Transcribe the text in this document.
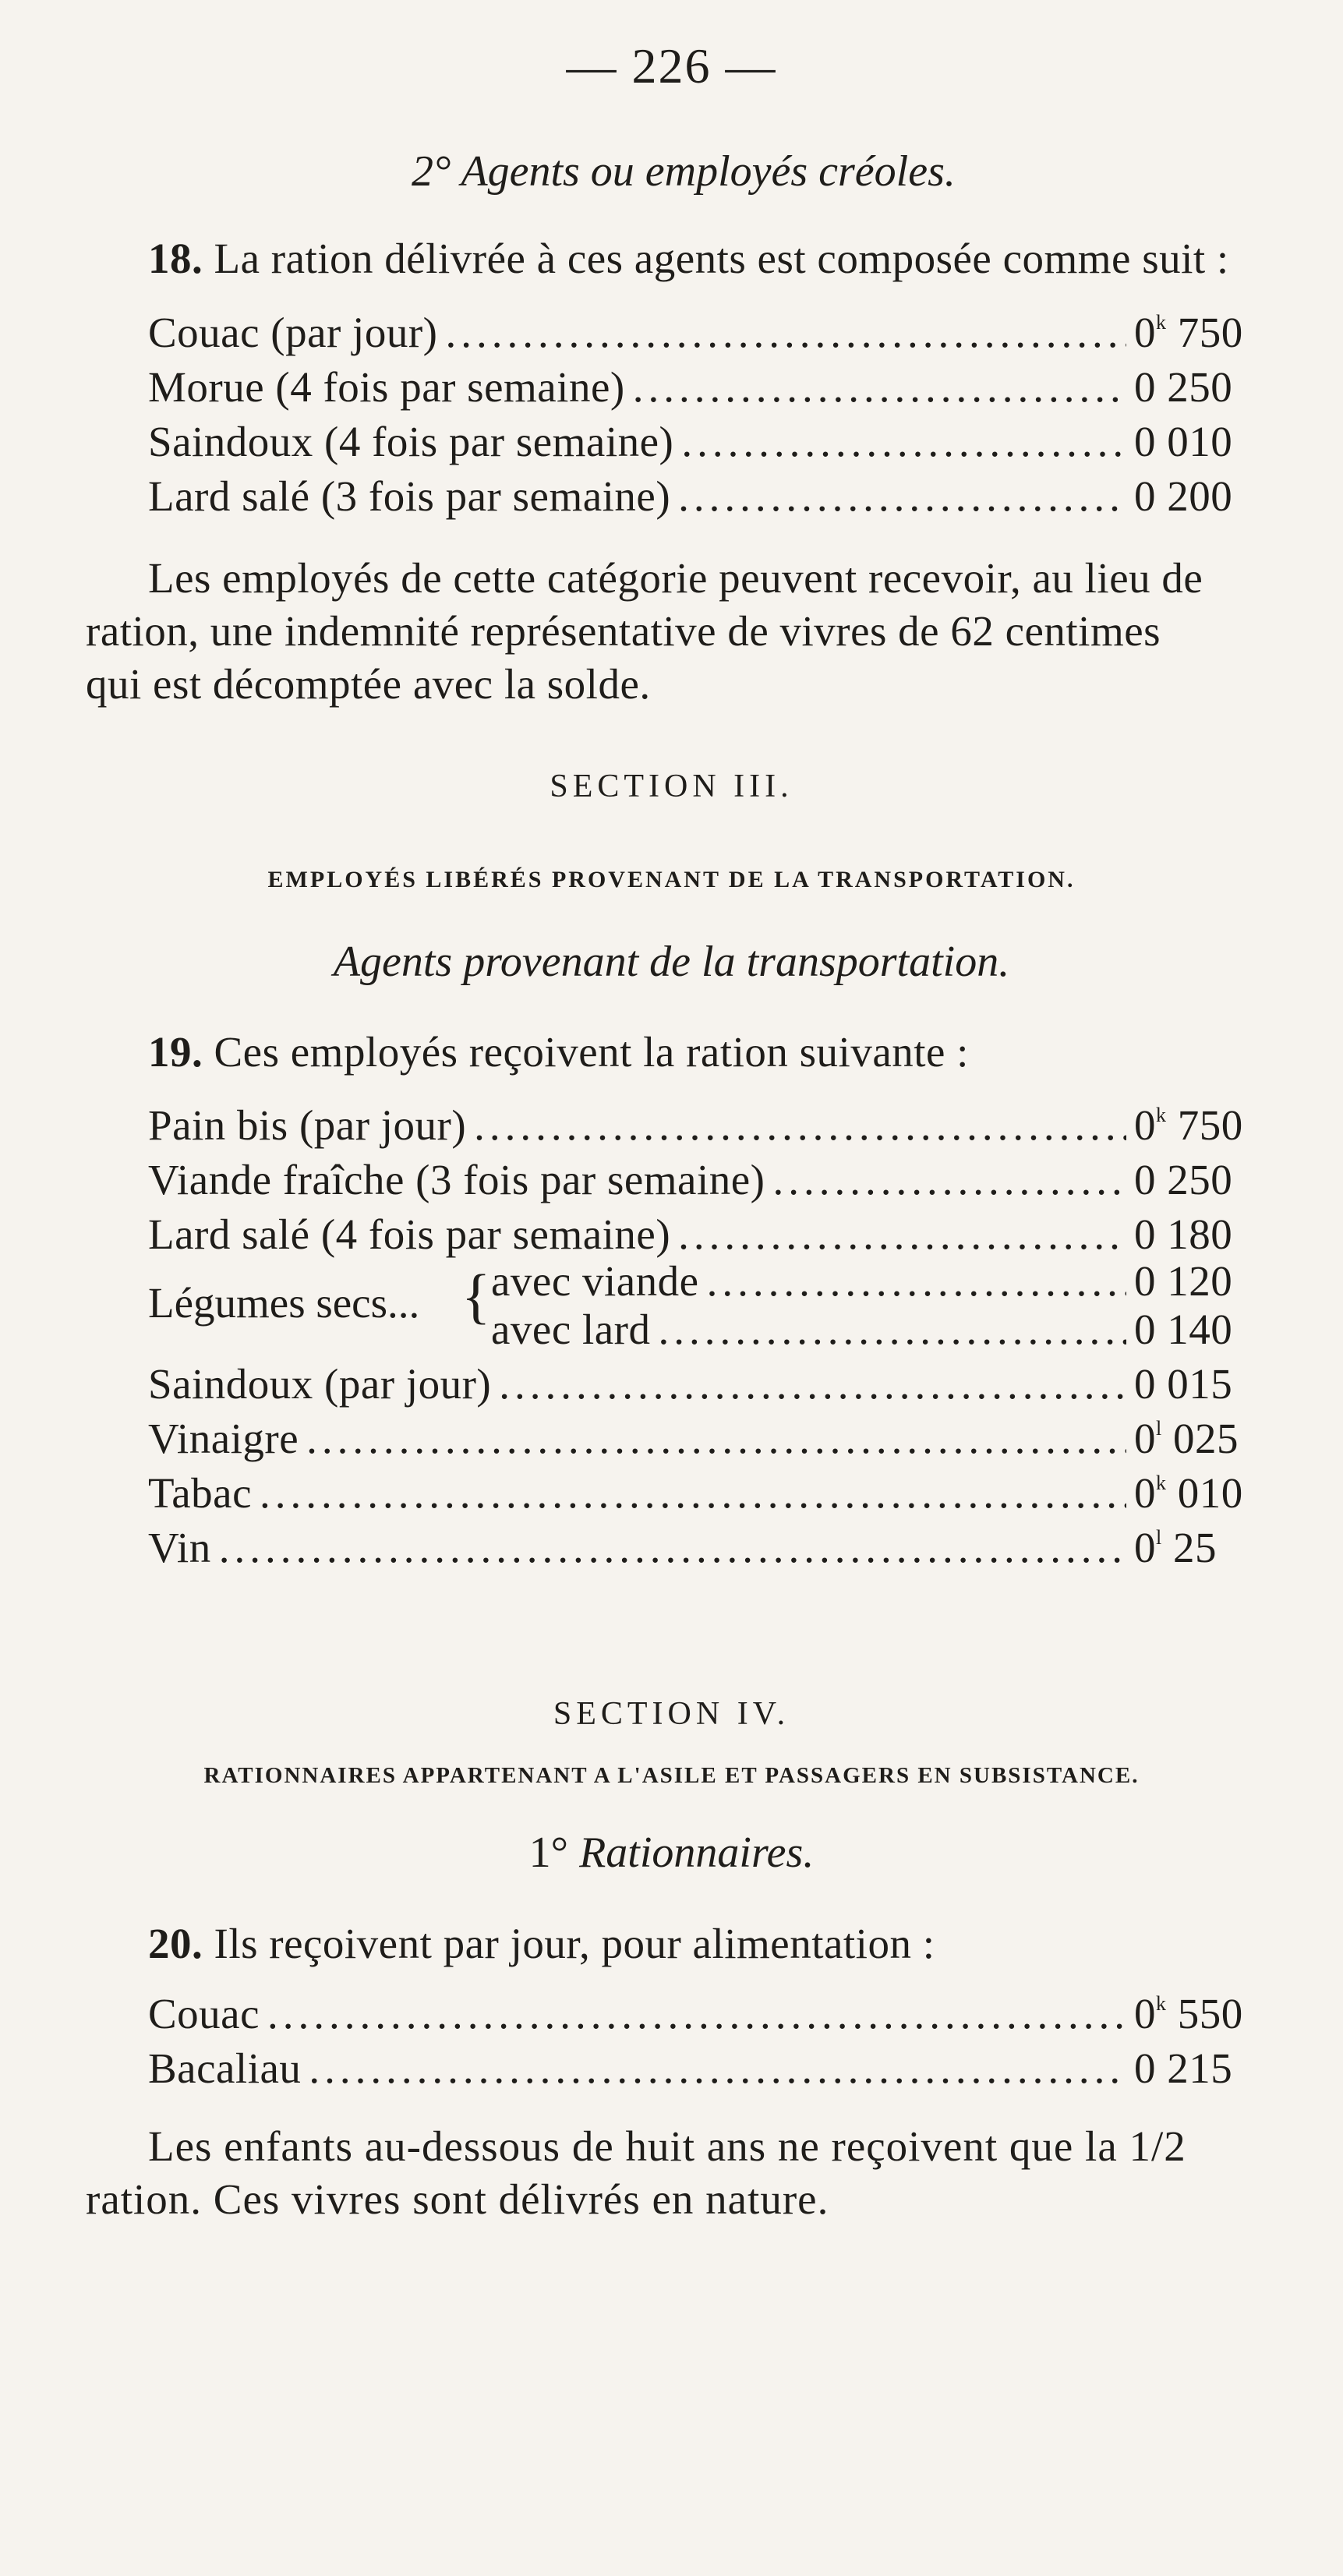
— 226 —
2° Agents ou employés créoles.
18. La ration délivrée à ces agents est composée comme suit :
Couac (par jour) .....	0$^k$ 750
Morue (4 fois par semaine) .....	0 250
Saindoux (4 fois par semaine) .....	0 010
Lard salé (3 fois par semaine) .....	0 200
Les employés de cette catégorie peuvent recevoir, au lieu de
ration, une indemnité représentative de vivres de 62 centimes
qui est décomptée avec la solde.
SECTION III.
EMPLOYÉS LIBÉRÉS PROVENANT DE LA TRANSPORTATION.
Agents provenant de la transportation.
19. Ces employés reçoivent la ration suivante :
Pain bis (par jour) .....	0$^k$ 750
Viande fraîche (3 fois par semaine) .....	0 250
Lard salé (4 fois par semaine) .....	0 180
Légumes secs... { avec viande .....	0 120
avec lard .....	0 140
Saindoux (par jour) .....	0 015
Vinaigre .....	0$^l$ 025
Tabac .....	0$^k$ 010
Vin .....	0$^l$ 25
SECTION IV.
RATIONNAIRES APPARTENANT A L'ASILE ET PASSAGERS EN SUBSISTANCE.
1° Rationnaires.
20. Ils reçoivent par jour, pour alimentation :
Couac .....	0$^k$ 550
Bacaliau .....	0 215
Les enfants au-dessous de huit ans ne reçoivent que la 1/2
ration. Ces vivres sont délivrés en nature.
